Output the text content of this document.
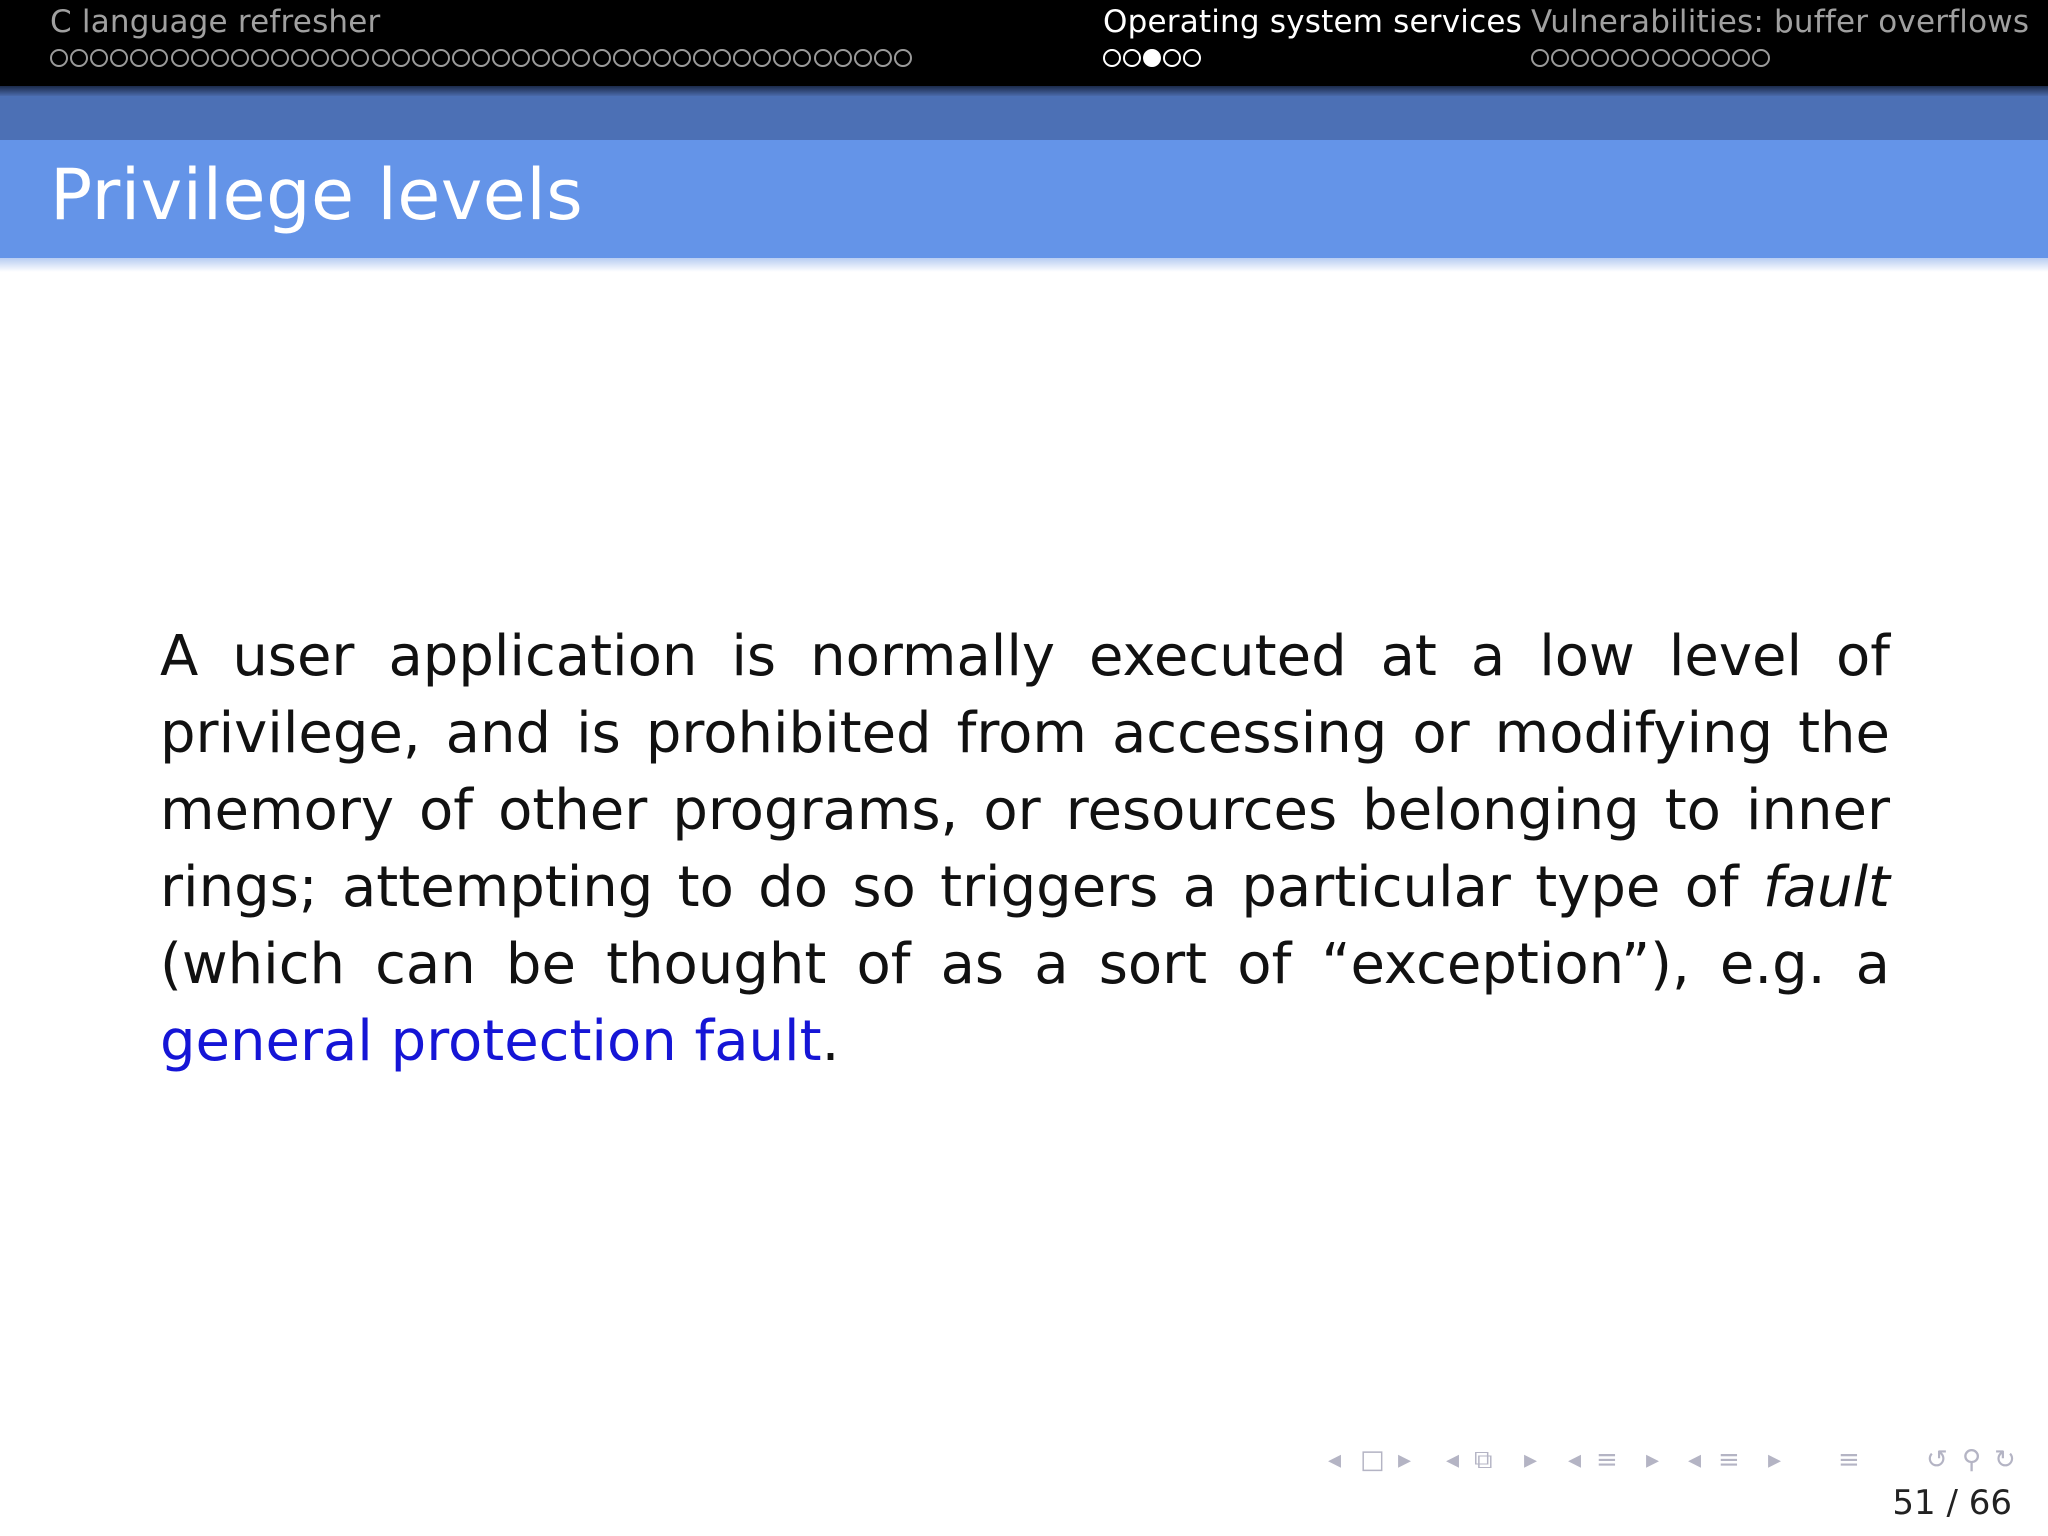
C language refresher	Operating system services Vulnerabilities: buffer overflows
Privilege levels
A user application is normally executed at a low level of privilege, and is prohibited from accessing or modifying the memory of other programs, or resources belonging to inner rings; attempting to do so triggers a particular type of fault (which can be thought of as a sort of “exception”), e.g. a general protection fault.
◂ □ ▸ ◂ ⧉ ▸ ◂ ≡ ▸ ◂ ≡ ▸ ≡	↺ ⚲ ↻
51 / 66
